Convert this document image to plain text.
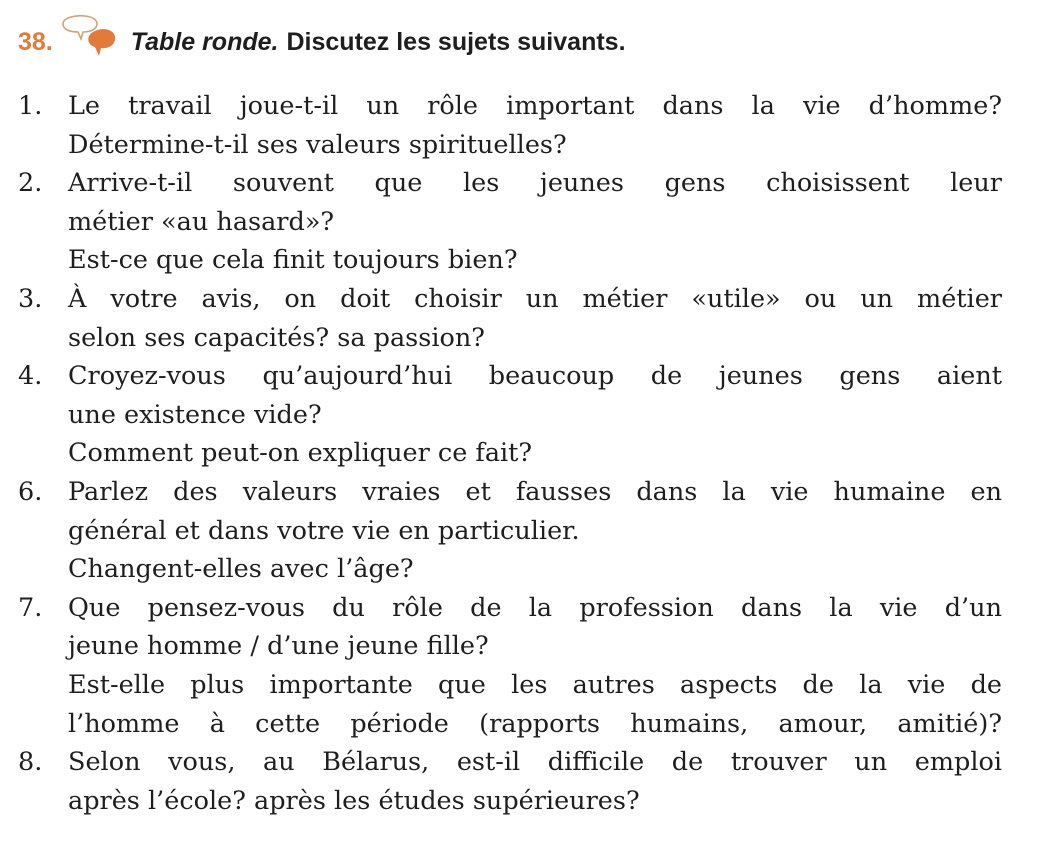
38.	Table ronde. Discutez les sujets suivants.
1. Le travail joue-t-il un rôle important dans la vie d’homme?
Détermine-t-il ses valeurs spirituelles?
2. Arrive-t-il souvent que les jeunes gens choisissent leur
métier «au hasard»?
Est-ce que cela finit toujours bien?
3. À votre avis, on doit choisir un métier «utile» ou un métier
selon ses capacités? sa passion?
4. Croyez-vous qu’aujourd’hui beaucoup de jeunes gens aient
une existence vide?
Comment peut-on expliquer ce fait?
6. Parlez des valeurs vraies et fausses dans la vie humaine en
général et dans votre vie en particulier.
Changent-elles avec l’âge?
7. Que pensez-vous du rôle de la profession dans la vie d’un
jeune homme / d’une jeune fille?
Est-elle plus importante que les autres aspects de la vie de
l’homme à cette période (rapports humains, amour, amitié)?
8. Selon vous, au Bélarus, est-il difficile de trouver un emploi
après l’école? après les études supérieures?
